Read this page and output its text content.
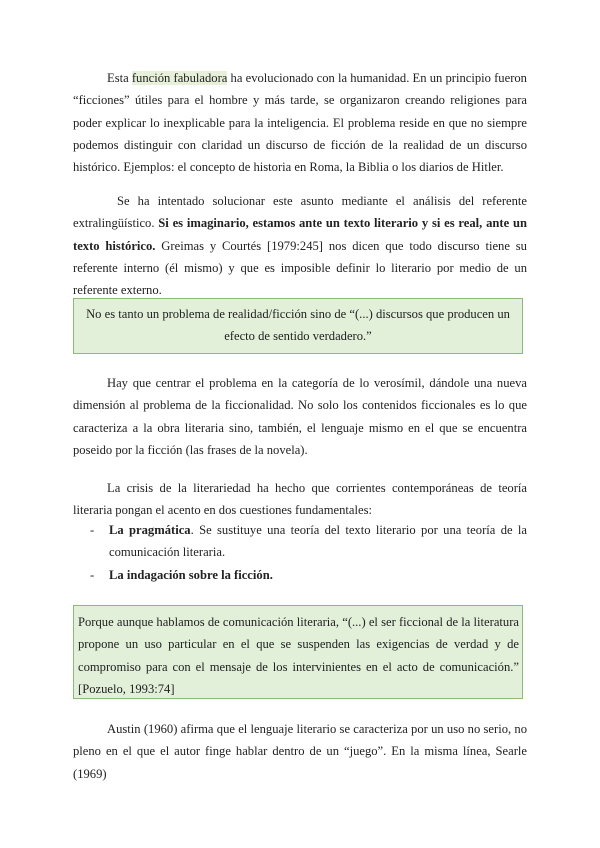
Esta función fabuladora ha evolucionado con la humanidad. En un principio fueron “ficciones” útiles para el hombre y más tarde, se organizaron creando religiones para poder explicar lo inexplicable para la inteligencia. El problema reside en que no siempre podemos distinguir con claridad un discurso de ficción de la realidad de un discurso histórico. Ejemplos: el concepto de historia en Roma, la Biblia o los diarios de Hitler.

Se ha intentado solucionar este asunto mediante el análisis del referente extralingüístico. Si es imaginario, estamos ante un texto literario y si es real, ante un texto histórico. Greimas y Courtés [1979:245] nos dicen que todo discurso tiene su referente interno (él mismo) y que es imposible definir lo literario por medio de un referente externo.

No es tanto un problema de realidad/ficción sino de “(...) discursos que producen un efecto de sentido verdadero.”

Hay que centrar el problema en la categoría de lo verosímil, dándole una nueva dimensión al problema de la ficcionalidad. No solo los contenidos ficcionales es lo que caracteriza a la obra literaria sino, también, el lenguaje mismo en el que se encuentra poseido por la ficción (las frases de la novela).

La crisis de la literariedad ha hecho que corrientes contemporáneas de teoría literaria pongan el acento en dos cuestiones fundamentales:

- La pragmática. Se sustituye una teoría del texto literario por una teoría de la comunicación literaria.
- La indagación sobre la ficción.
Porque aunque hablamos de comunicación literaria, “(...) el ser ficcional de la literatura propone un uso particular en el que se suspenden las exigencias de verdad y de compromiso para con el mensaje de los intervinientes en el acto de comunicación.” [Pozuelo, 1993:74]

Austin (1960) afirma que el lenguaje literario se caracteriza por un uso no serio, no pleno en el que el autor finge hablar dentro de un “juego”. En la misma línea, Searle (1969)
